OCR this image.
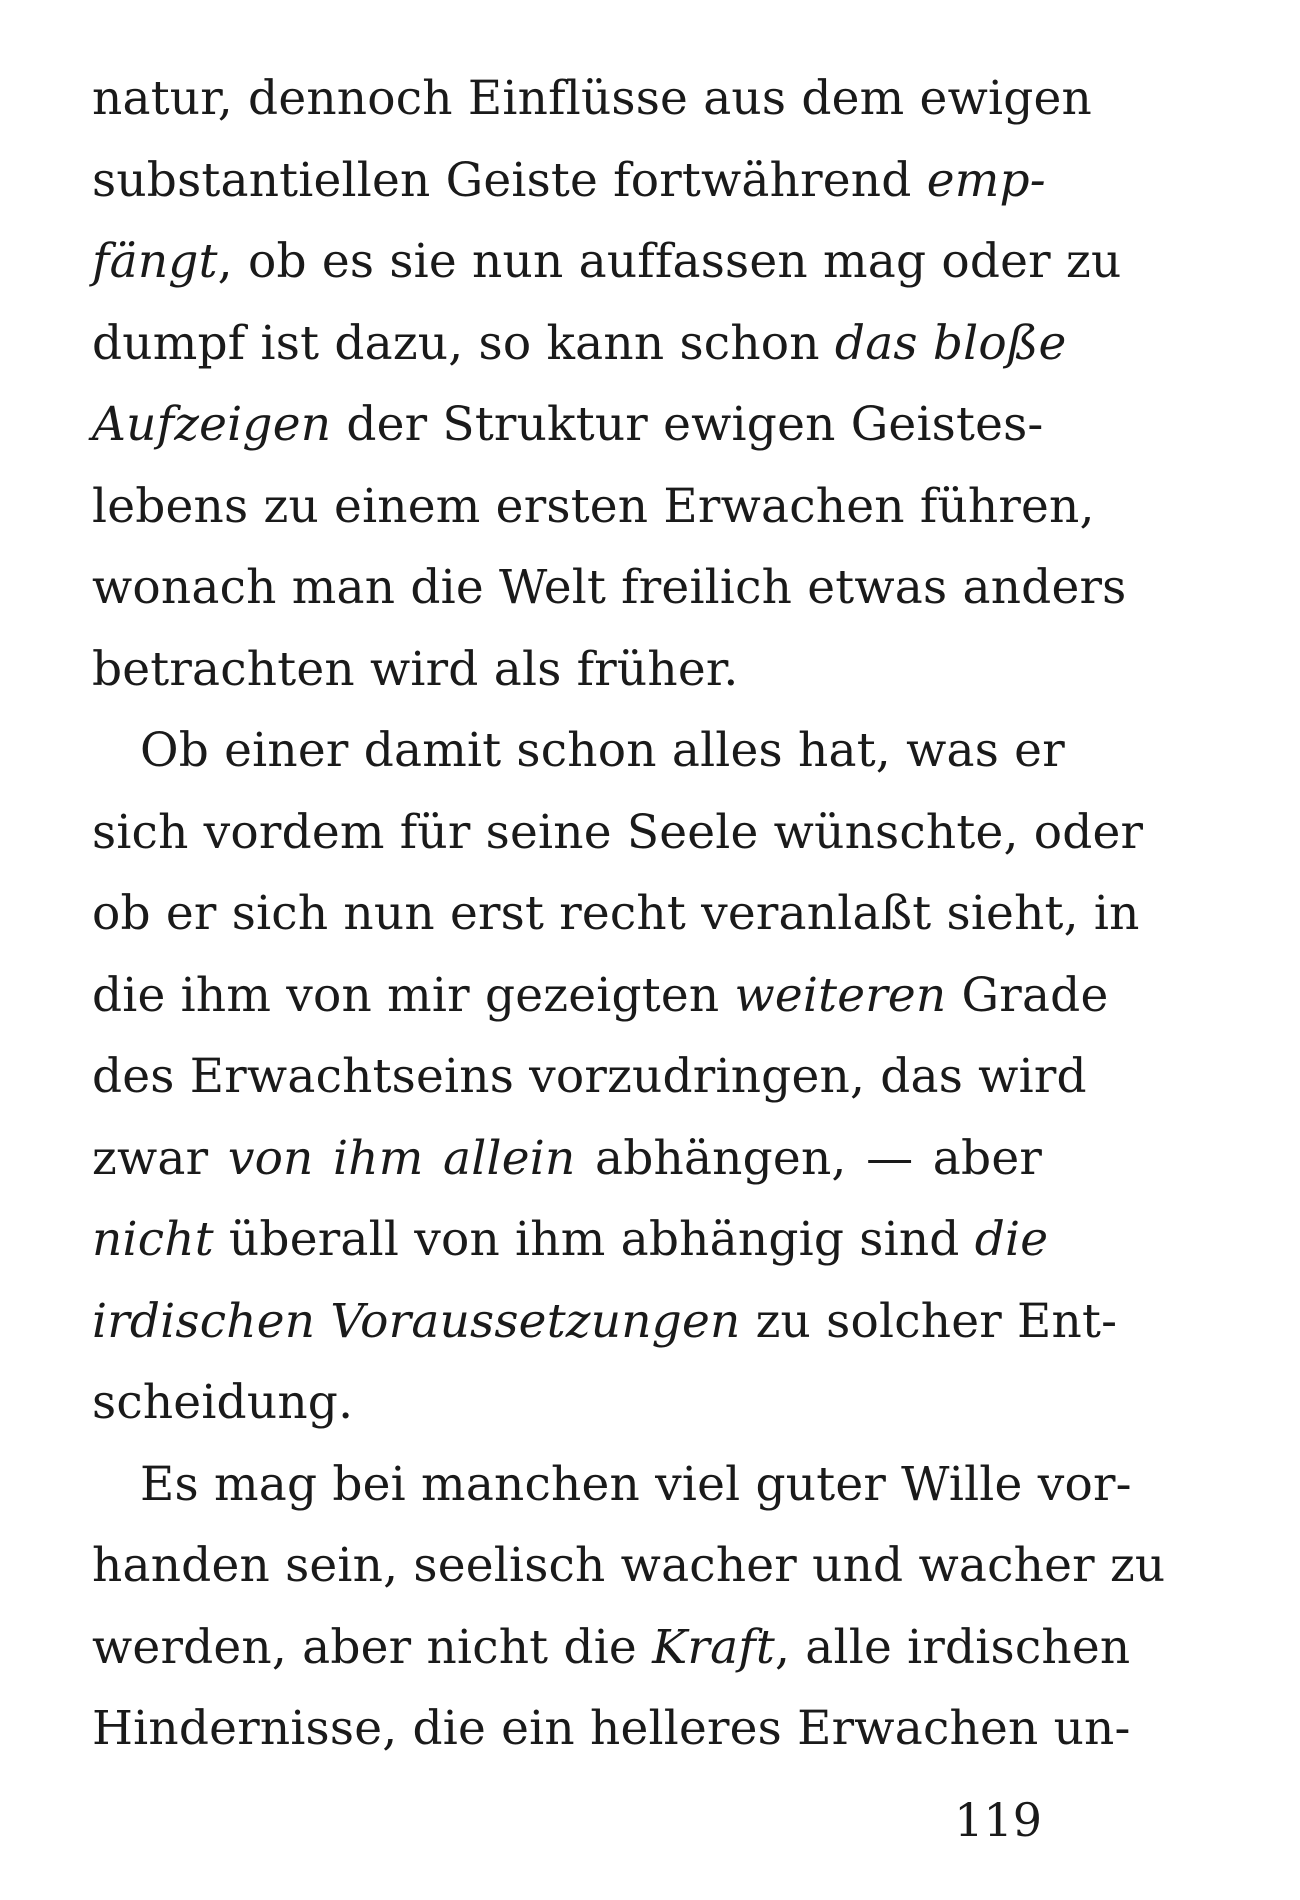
natur, dennoch Einflüsse aus dem ewigen
substantiellen Geiste fortwährend emp-
fängt, ob es sie nun auffassen mag oder zu
dumpf ist dazu, so kann schon das bloße
Aufzeigen der Struktur ewigen Geistes-
lebens zu einem ersten Erwachen führen,
wonach man die Welt freilich etwas anders
betrachten wird als früher.
Ob einer damit schon alles hat, was er
sich vordem für seine Seele wünschte, oder
ob er sich nun erst recht veranlaßt sieht, in
die ihm von mir gezeigten weiteren Grade
des Erwachtseins vorzudringen, das wird
zwar von ihm allein abhängen, — aber
nicht überall von ihm abhängig sind die
irdischen Voraussetzungen zu solcher Ent-
scheidung.
Es mag bei manchen viel guter Wille vor-
handen sein, seelisch wacher und wacher zu
werden, aber nicht die Kraft, alle irdischen
Hindernisse, die ein helleres Erwachen un-
119
